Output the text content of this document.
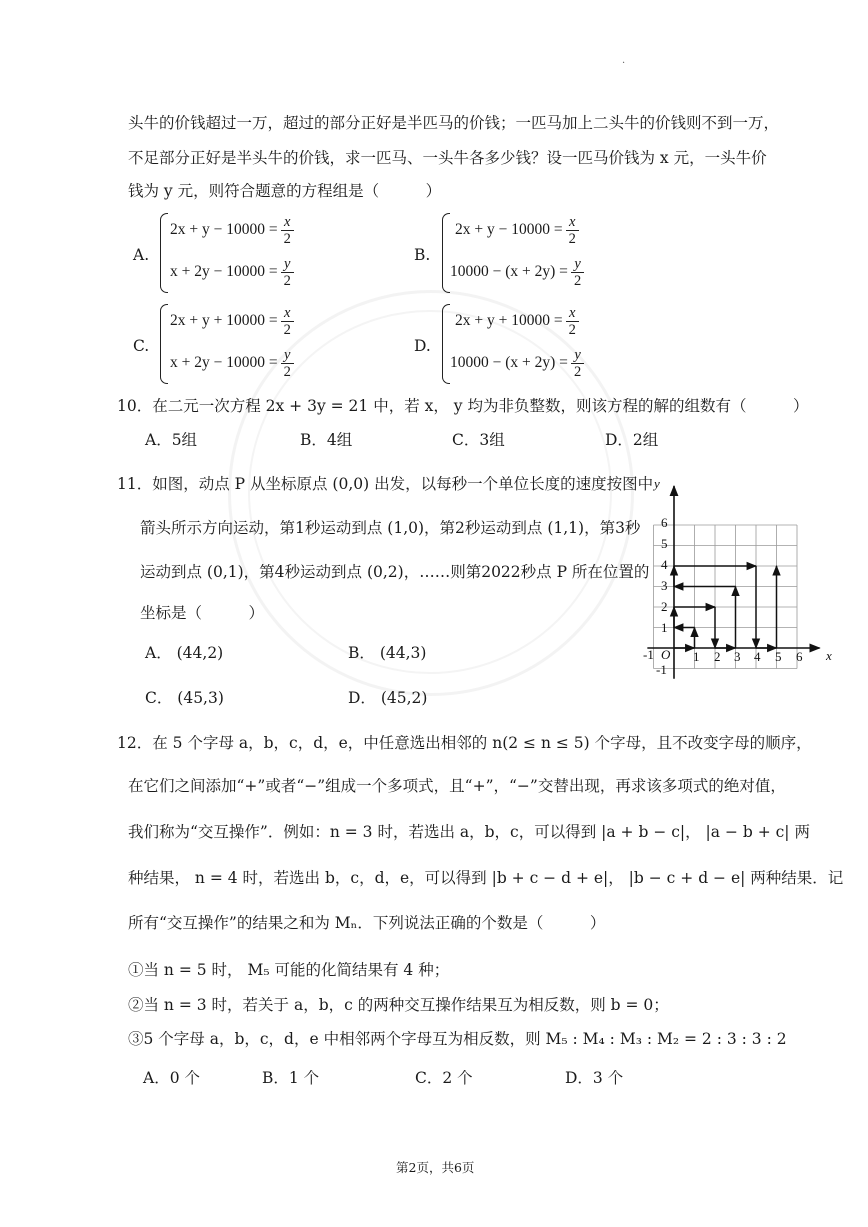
·
头牛的价钱超过一万，超过的部分正好是半匹马的价钱；一匹马加上二头牛的价钱则不到一万，
不足部分正好是半头牛的价钱，求一匹马、一头牛各多少钱？设一匹马价钱为 x 元，一头牛价
钱为 y 元，则符合题意的方程组是（　　　）
A.
$2x + y - 10000 = \frac{x}{2}$
$x + 2y - 10000 = \frac{y}{2}$
B.
$2x + y - 10000 = \frac{x}{2}$
$10000 - (x + 2y) = \frac{y}{2}$
C.
$2x + y + 10000 = \frac{x}{2}$
$x + 2y - 10000 = \frac{y}{2}$
D.
$2x + y + 10000 = \frac{x}{2}$
$10000 - (x + 2y) = \frac{y}{2}$
10．在二元一次方程 2x + 3y = 21 中，若 x， y 均为非负整数，则该方程的解的组数有（　　　）
A．5组	B．4组	C．3组	D．2组
11．如图，动点 P 从坐标原点 (0,0) 出发，以每秒一个单位长度的速度按图中
箭头所示方向运动，第1秒运动到点 (1,0)，第2秒运动到点 (1,1)，第3秒
运动到点 (0,1)，第4秒运动到点 (0,2)，……则第2022秒点 P 所在位置的
坐标是（　　　）
A． (44,2)	B． (44,3)
C． (45,3)	D． (45,2)
y
x
O
-1	1 2 3 4 5 6
6
5
4
3
2
1
-1
12．在 5 个字母 a，b，c，d，e，中任意选出相邻的 n(2 ≤ n ≤ 5) 个字母，且不改变字母的顺序，
在它们之间添加“+”或者“−”组成一个多项式，且“+”，“−”交替出现，再求该多项式的绝对值，
我们称为“交互操作”．例如：n = 3 时，若选出 a，b，c，可以得到 |a + b − c|， |a − b + c| 两
种结果， n = 4 时，若选出 b，c，d，e，可以得到 |b + c − d + e|， |b − c + d − e| 两种结果．记
所有“交互操作”的结果之和为 Mₙ．下列说法正确的个数是（　　　）
①当 n = 5 时， M₅ 可能的化简结果有 4 种；
②当 n = 3 时，若关于 a，b，c 的两种交互操作结果互为相反数，则 b = 0；
③5 个字母 a，b，c，d，e 中相邻两个字母互为相反数，则 M₅ : M₄ : M₃ : M₂ = 2 : 3 : 3 : 2
A．0 个	B．1 个	C．2 个	D．3 个
第2页，共6页
